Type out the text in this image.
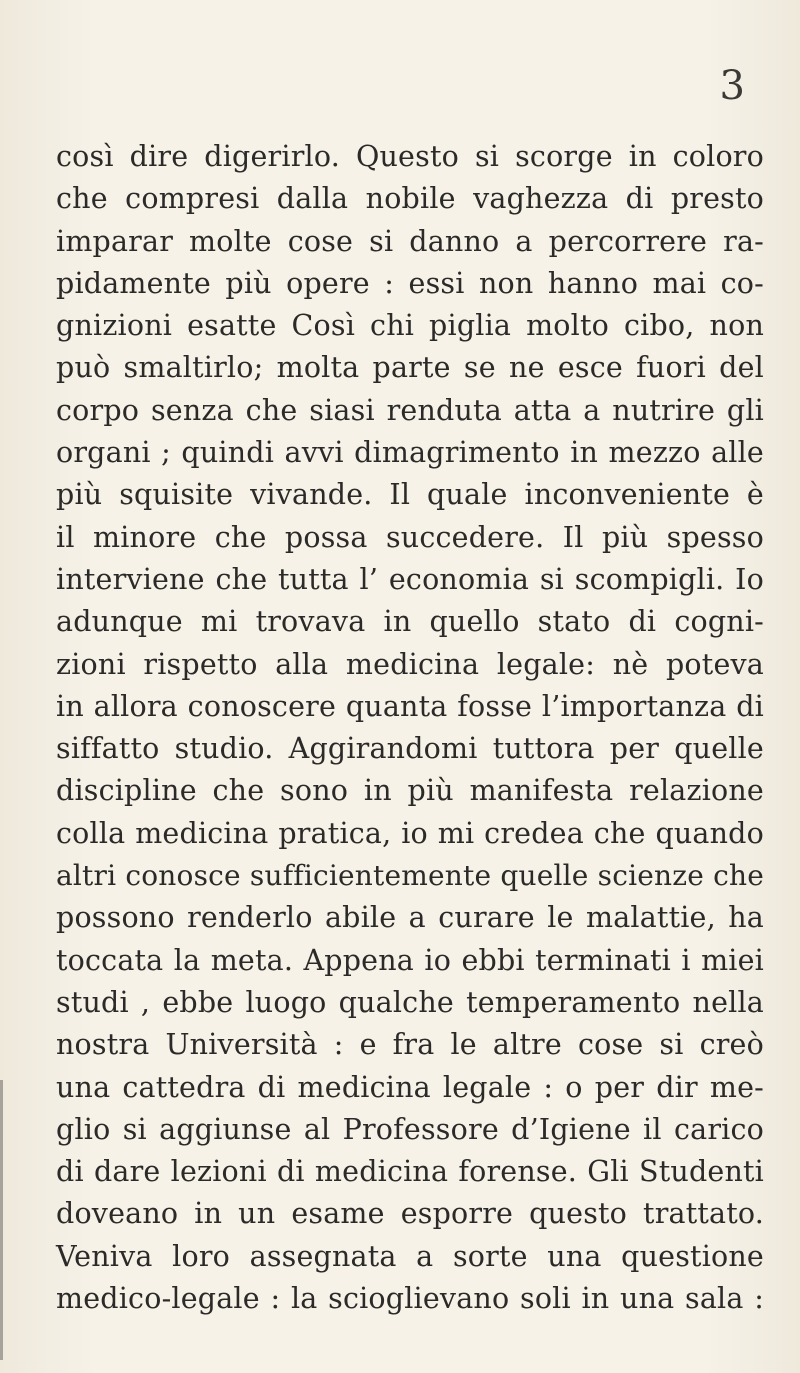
3
così dire digerirlo. Questo si scorge in coloro
che compresi dalla nobile vaghezza di presto
imparar molte cose si danno a percorrere ra-
pidamente più opere : essi non hanno mai co-
gnizioni esatte Così chi piglia molto cibo, non
può smaltirlo; molta parte se ne esce fuori del
corpo senza che siasi renduta atta a nutrire gli
organi ; quindi avvi dimagrimento in mezzo alle
più squisite vivande. Il quale inconveniente è
il minore che possa succedere. Il più spesso
interviene che tutta l’ economia si scompigli. Io
adunque mi trovava in quello stato di cogni-
zioni rispetto alla medicina legale: nè poteva
in allora conoscere quanta fosse l’importanza di
siffatto studio. Aggirandomi tuttora per quelle
discipline che sono in più manifesta relazione
colla medicina pratica, io mi credea che quando
altri conosce sufficientemente quelle scienze che
possono renderlo abile a curare le malattie, ha
toccata la meta. Appena io ebbi terminati i miei
studi , ebbe luogo qualche temperamento nella
nostra Università : e fra le altre cose si creò
una cattedra di medicina legale : o per dir me-
glio si aggiunse al Professore d’Igiene il carico
di dare lezioni di medicina forense. Gli Studenti
doveano in un esame esporre questo trattato.
Veniva loro assegnata a sorte una questione
medico-legale : la scioglievano soli in una sala :
